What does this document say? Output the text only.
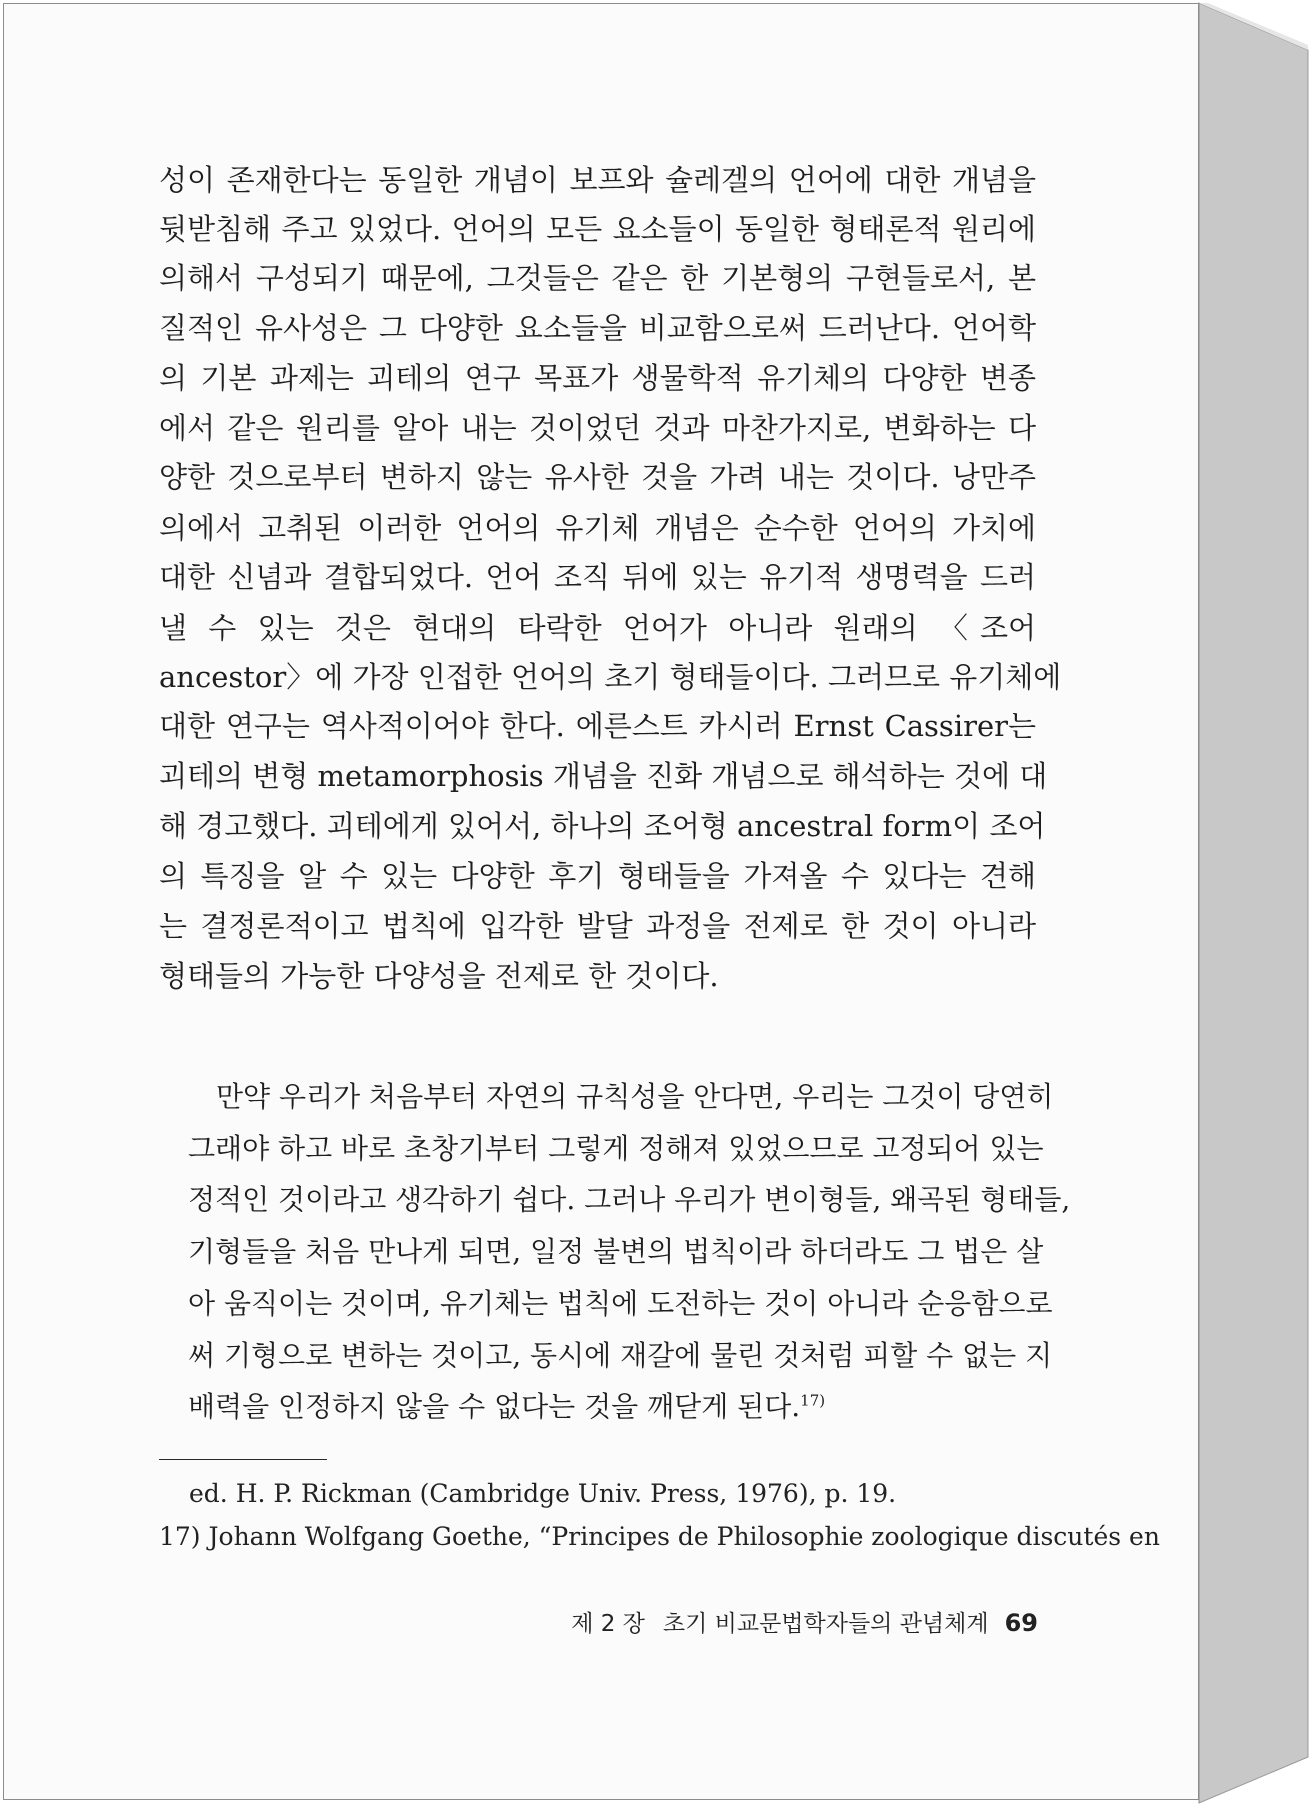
성이 존재한다는 동일한 개념이 보프와 슐레겔의 언어에 대한 개념을
뒷받침해 주고 있었다. 언어의 모든 요소들이 동일한 형태론적 원리에
의해서 구성되기 때문에, 그것들은 같은 한 기본형의 구현들로서, 본
질적인 유사성은 그 다양한 요소들을 비교함으로써 드러난다. 언어학
의 기본 과제는 괴테의 연구 목표가 생물학적 유기체의 다양한 변종
에서 같은 원리를 알아 내는 것이었던 것과 마찬가지로, 변화하는 다
양한 것으로부터 변하지 않는 유사한 것을 가려 내는 것이다. 낭만주
의에서 고취된 이러한 언어의 유기체 개념은 순수한 언어의 가치에
대한 신념과 결합되었다. 언어 조직 뒤에 있는 유기적 생명력을 드러
낼 수 있는 것은 현대의 타락한 언어가 아니라 원래의 〈조어
ancestor〉에 가장 인접한 언어의 초기 형태들이다. 그러므로 유기체에
대한 연구는 역사적이어야 한다. 에른스트 카시러 Ernst Cassirer는
괴테의 변형 metamorphosis 개념을 진화 개념으로 해석하는 것에 대
해 경고했다. 괴테에게 있어서, 하나의 조어형 ancestral form이 조어
의 특징을 알 수 있는 다양한 후기 형태들을 가져올 수 있다는 견해
는 결정론적이고 법칙에 입각한 발달 과정을 전제로 한 것이 아니라
형태들의 가능한 다양성을 전제로 한 것이다.
만약 우리가 처음부터 자연의 규칙성을 안다면, 우리는 그것이 당연히
그래야 하고 바로 초창기부터 그렇게 정해져 있었으므로 고정되어 있는
정적인 것이라고 생각하기 쉽다. 그러나 우리가 변이형들, 왜곡된 형태들,
기형들을 처음 만나게 되면, 일정 불변의 법칙이라 하더라도 그 법은 살
아 움직이는 것이며, 유기체는 법칙에 도전하는 것이 아니라 순응함으로
써 기형으로 변하는 것이고, 동시에 재갈에 물린 것처럼 피할 수 없는 지
배력을 인정하지 않을 수 없다는 것을 깨닫게 된다.$^{17)}$
ed. H. P. Rickman (Cambridge Univ. Press, 1976), p. 19.
17) Johann Wolfgang Goethe, “Principes de Philosophie zoologique discutés en
제 2 장 초기 비교문법학자들의 관념체계 69
